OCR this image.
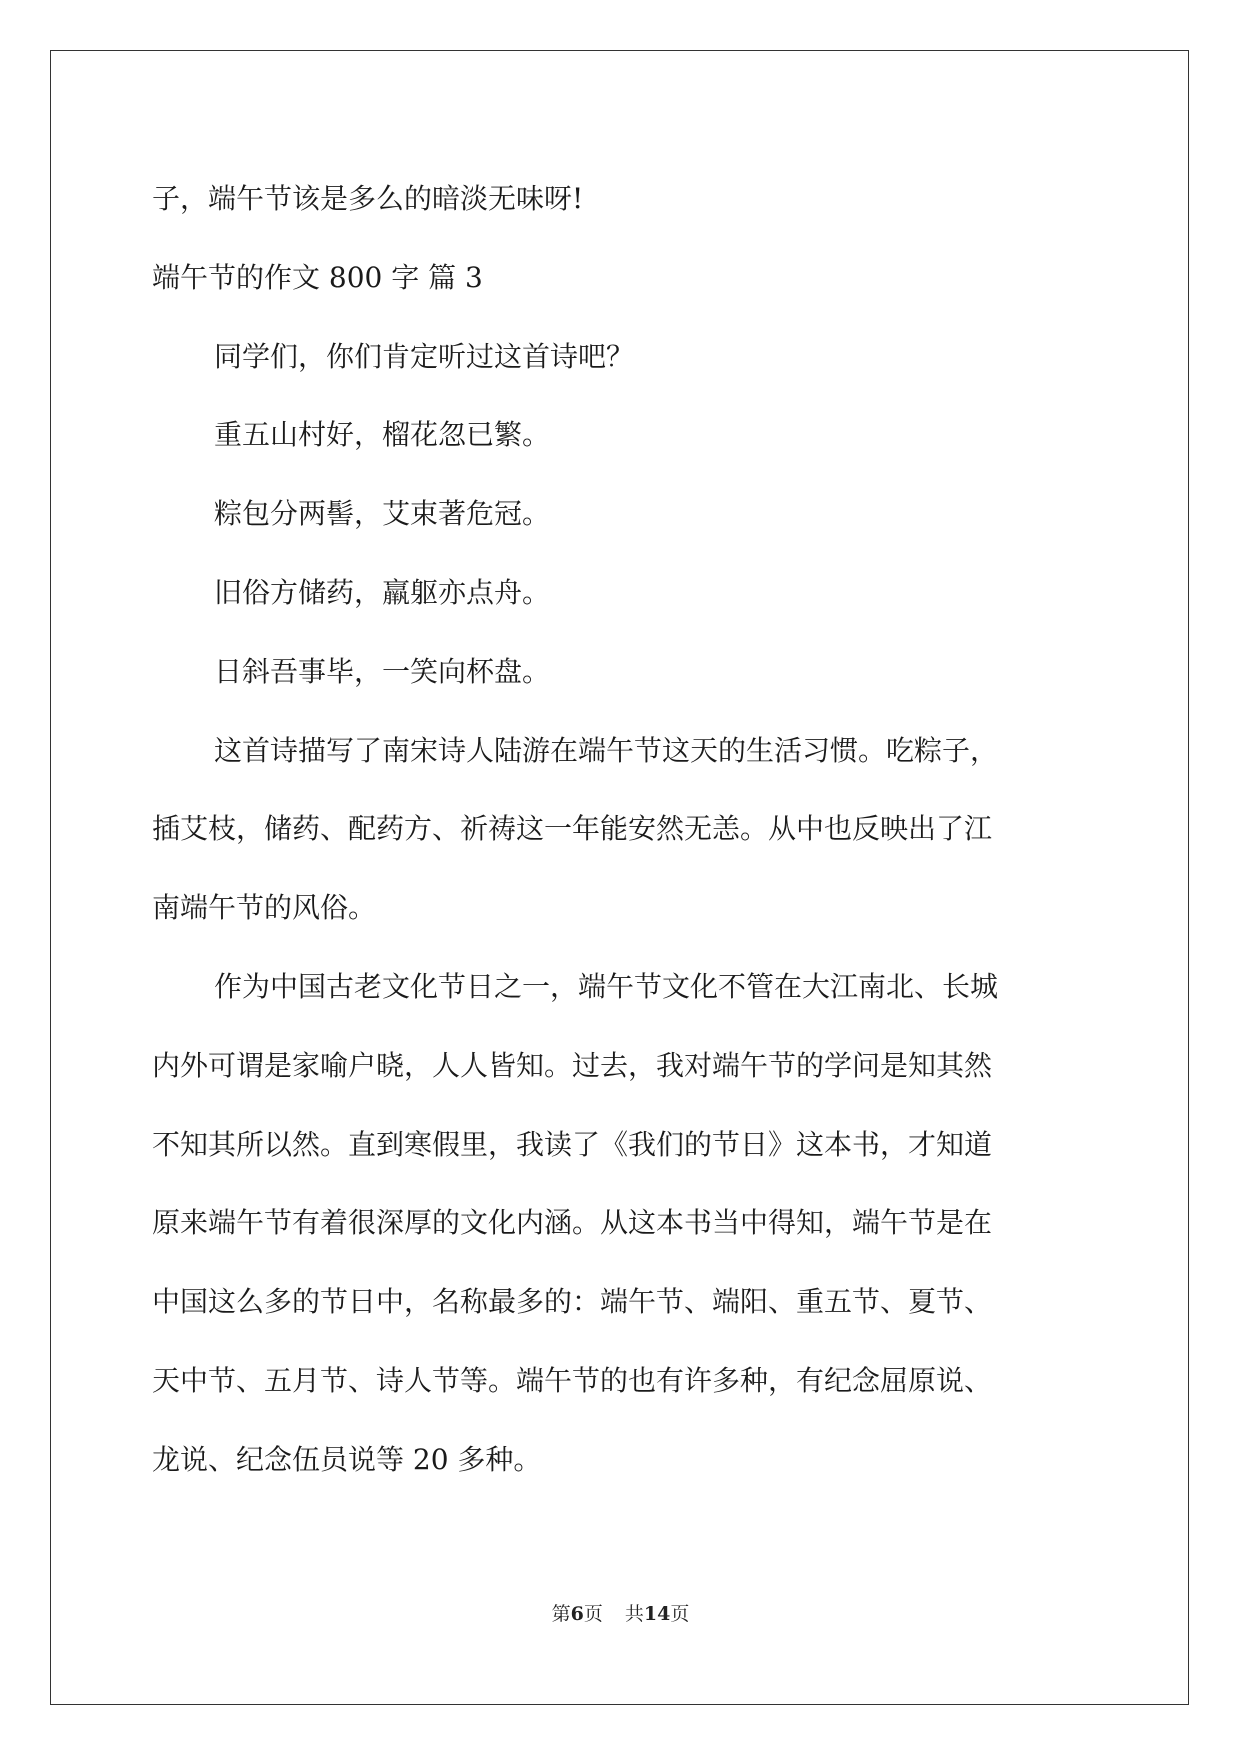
子，端午节该是多么的暗淡无味呀!

端午节的作文 800 字 篇 3

同学们，你们肯定听过这首诗吧？

重五山村好，榴花忽已繁。

粽包分两髻，艾束著危冠。

旧俗方储药，羸躯亦点舟。

日斜吾事毕，一笑向杯盘。

这首诗描写了南宋诗人陆游在端午节这天的生活习惯。吃粽子，

插艾枝，储药、配药方、祈祷这一年能安然无恙。从中也反映出了江

南端午节的风俗。

作为中国古老文化节日之一，端午节文化不管在大江南北、长城

内外可谓是家喻户晓，人人皆知。过去，我对端午节的学问是知其然

不知其所以然。直到寒假里，我读了《我们的节日》这本书，才知道

原来端午节有着很深厚的文化内涵。从这本书当中得知，端午节是在

中国这么多的节日中，名称最多的：端午节、端阳、重五节、夏节、

天中节、五月节、诗人节等。端午节的也有许多种，有纪念屈原说、

龙说、纪念伍员说等 20 多种。

第6页 共14页
